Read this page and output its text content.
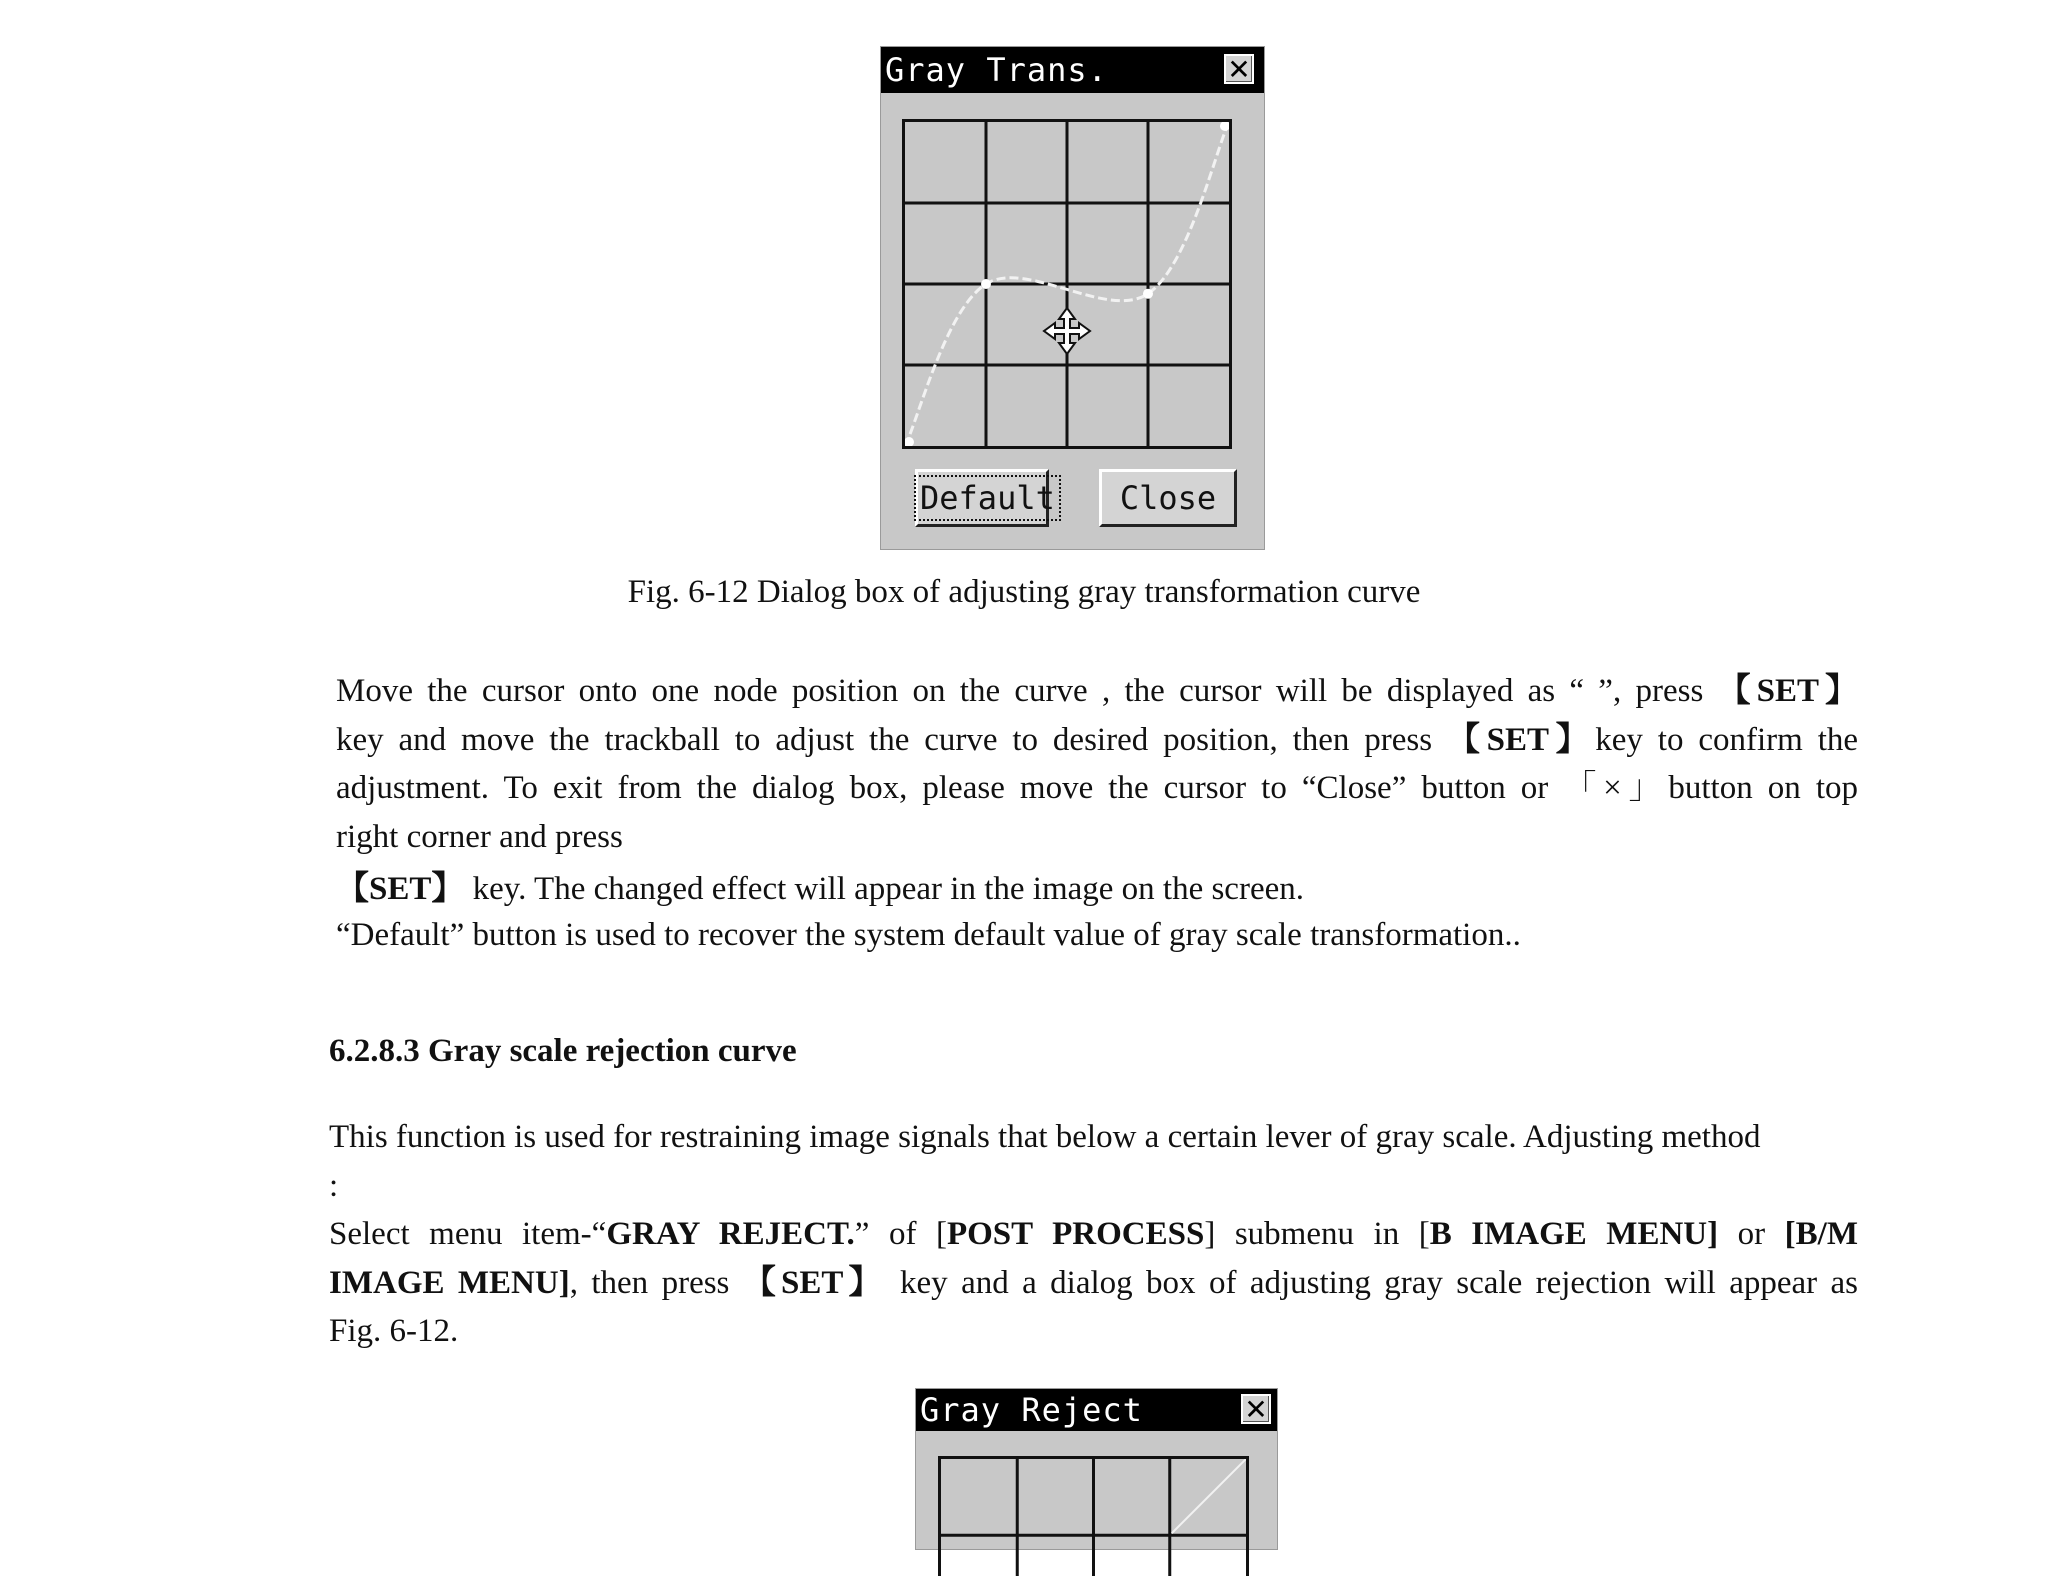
Gray Trans.	✕
Default	Close
Fig. 6-12 Dialog box of adjusting gray transformation curve
Move the cursor onto one node position on the curve , the cursor will be displayed as “ ”, press 【SET】
key and move the trackball to adjust the curve to desired position, then press 【SET】key to confirm the
adjustment. To exit from the dialog box, please move the cursor to “Close” button or 「×」button on top
right corner and press
【SET】 key. The changed effect will appear in the image on the screen.
“Default” button is used to recover the system default value of gray scale transformation..
6.2.8.3 Gray scale rejection curve
This function is used for restraining image signals that below a certain lever of gray scale. Adjusting method
:
Select menu item-“GRAY REJECT.” of [POST PROCESS] submenu in [B IMAGE MENU] or [B/M
IMAGE MENU], then press 【SET】 key and a dialog box of adjusting gray scale rejection will appear as
Fig. 6-12.
Gray Reject	✕
